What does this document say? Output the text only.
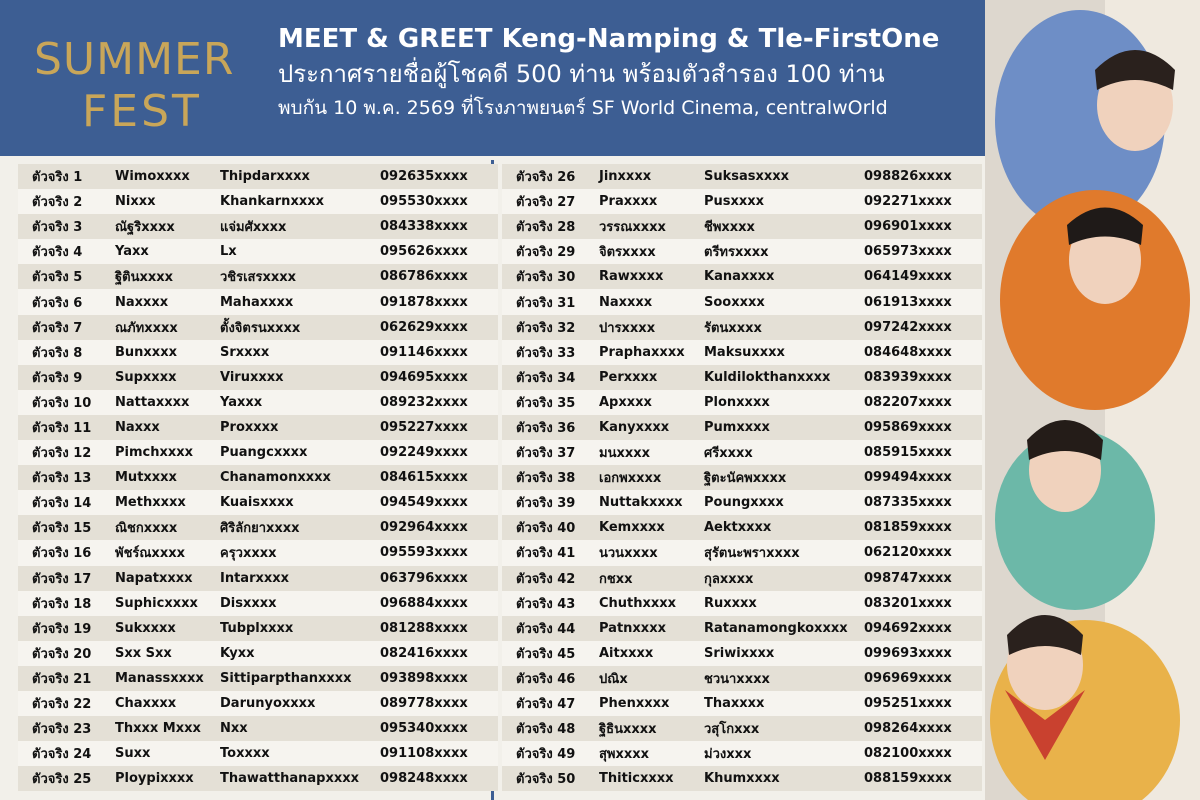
SUMMER
FEST
MEET & GREET Keng-Namping & Tle-FirstOne
ประกาศรายชื่อผู้โชคดี 500 ท่าน พร้อมตัวสำรอง 100 ท่าน
พบกัน 10 พ.ค. 2569 ที่โรงภาพยนตร์ SF World Cinema, centralwOrld
ตัวจริง 1	Wimoxxxx	Thipdarxxxx	092635xxxx
ตัวจริง 2	Nixxx	Khankarnxxxx	095530xxxx
ตัวจริง 3	ณัฐริxxxx	แจ่มศัxxxx	084338xxxx
ตัวจริง 4	Yaxx	Lx	095626xxxx
ตัวจริง 5	ฐิตินxxxx	วชิรเสรxxxx	086786xxxx
ตัวจริง 6	Naxxxx	Mahaxxxx	091878xxxx
ตัวจริง 7	ณภัทxxxx	ตั้งจิตรนxxxx	062629xxxx
ตัวจริง 8	Bunxxxx	Srxxxx	091146xxxx
ตัวจริง 9	Supxxxx	Viruxxxx	094695xxxx
ตัวจริง 10	Nattaxxxx	Yaxxx	089232xxxx
ตัวจริง 11	Naxxx	Proxxxx	095227xxxx
ตัวจริง 12	Pimchxxxx	Puangcxxxx	092249xxxx
ตัวจริง 13	Mutxxxx	Chanamonxxxx	084615xxxx
ตัวจริง 14	Methxxxx	Kuaisxxxx	094549xxxx
ตัวจริง 15	ณิชกxxxx	ศิริลักยาxxxx	092964xxxx
ตัวจริง 16	พัชร์ณxxxx	ครุวxxxx	095593xxxx
ตัวจริง 17	Napatxxxx	Intarxxxx	063796xxxx
ตัวจริง 18	Suphicxxxx	Disxxxx	096884xxxx
ตัวจริง 19	Sukxxxx	Tubplxxxx	081288xxxx
ตัวจริง 20	Sxx Sxx	Kyxx	082416xxxx
ตัวจริง 21	Manassxxxx	Sittiparpthanxxxx	093898xxxx
ตัวจริง 22	Chaxxxx	Darunyoxxxx	089778xxxx
ตัวจริง 23	Thxxx Mxxx	Nxx	095340xxxx
ตัวจริง 24	Suxx	Toxxxx	091108xxxx
ตัวจริง 25	Ploypixxxx	Thawatthanapxxxx	098248xxxx
ตัวจริง 26	Jinxxxx	Suksasxxxx	098826xxxx
ตัวจริง 27	Praxxxx	Pusxxxx	092271xxxx
ตัวจริง 28	วรรณxxxx	ชีพxxxx	096901xxxx
ตัวจริง 29	จิตรxxxx	ตรีทรxxxx	065973xxxx
ตัวจริง 30	Rawxxxx	Kanaxxxx	064149xxxx
ตัวจริง 31	Naxxxx	Sooxxxx	061913xxxx
ตัวจริง 32	ปารxxxx	รัตนxxxx	097242xxxx
ตัวจริง 33	Praphaxxxx	Maksuxxxx	084648xxxx
ตัวจริง 34	Perxxxx	Kuldilokthanxxxx	083939xxxx
ตัวจริง 35	Apxxxx	Plonxxxx	082207xxxx
ตัวจริง 36	Kanyxxxx	Pumxxxx	095869xxxx
ตัวจริง 37	มนxxxx	ศรีxxxx	085915xxxx
ตัวจริง 38	เอกพxxxx	ฐิตะนัคพxxxx	099494xxxx
ตัวจริง 39	Nuttakxxxx	Poungxxxx	087335xxxx
ตัวจริง 40	Kemxxxx	Aektxxxx	081859xxxx
ตัวจริง 41	นวนxxxx	สุรัตนะพราxxxx	062120xxxx
ตัวจริง 42	กชxx	กุลxxxx	098747xxxx
ตัวจริง 43	Chuthxxxx	Ruxxxx	083201xxxx
ตัวจริง 44	Patnxxxx	Ratanamongkoxxxx	094692xxxx
ตัวจริง 45	Aitxxxx	Sriwixxxx	099693xxxx
ตัวจริง 46	ปณิx	ชวนาxxxx	096969xxxx
ตัวจริง 47	Phenxxxx	Thaxxxx	095251xxxx
ตัวจริง 48	ฐิธินxxxx	วสุโกxxx	098264xxxx
ตัวจริง 49	สุพxxxx	ม่วงxxx	082100xxxx
ตัวจริง 50	Thiticxxxx	Khumxxxx	088159xxxx
